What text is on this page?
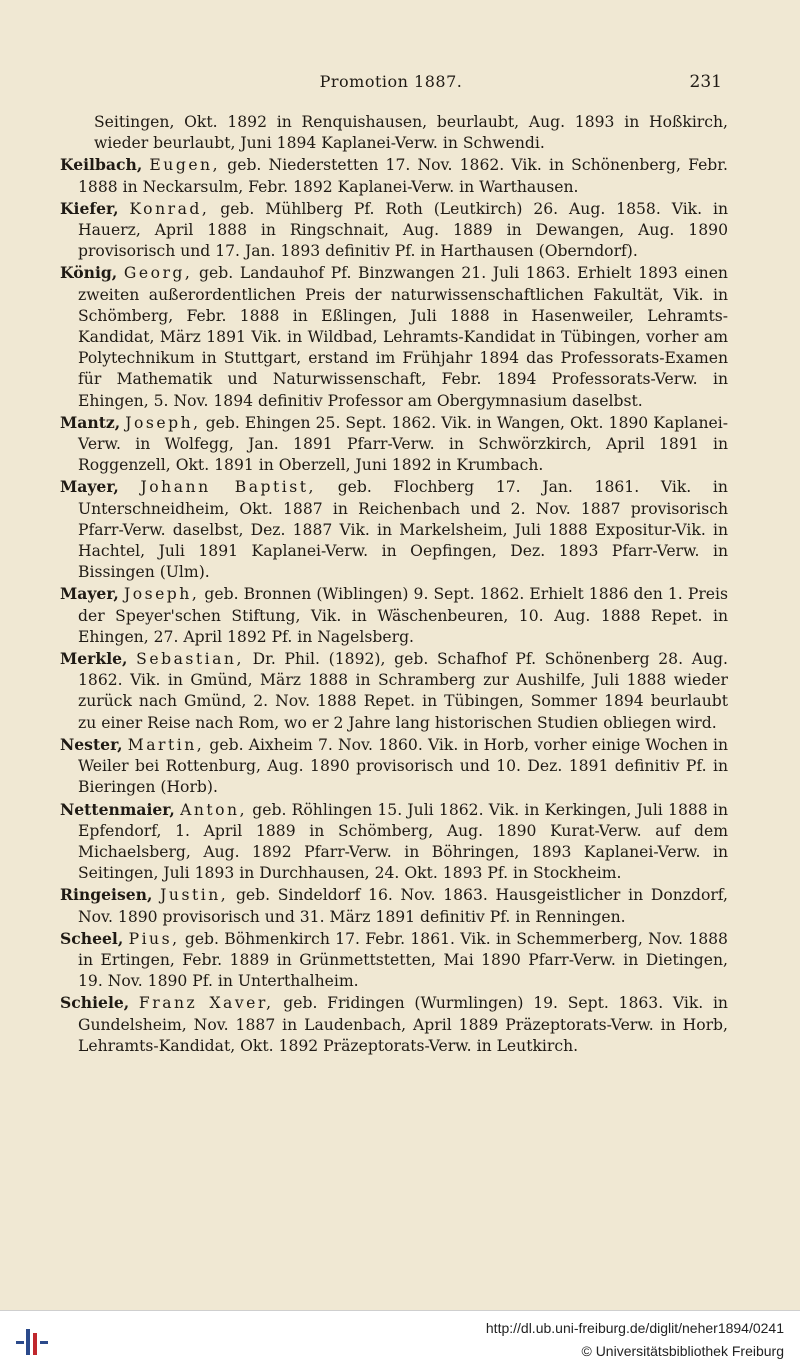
Promotion 1887.	231

Seitingen, Okt. 1892 in Renquishausen, beurlaubt, Aug. 1893 in Hoßkirch, wieder beurlaubt, Juni 1894 Kaplanei-Verw. in Schwendi.

Keilbach, Eugen, geb. Niederstetten 17. Nov. 1862. Vik. in Schönenberg, Febr. 1888 in Neckarsulm, Febr. 1892 Kaplanei-Verw. in Warthausen.

Kiefer, Konrad, geb. Mühlberg Pf. Roth (Leutkirch) 26. Aug. 1858. Vik. in Hauerz, April 1888 in Ringschnait, Aug. 1889 in Dewangen, Aug. 1890 provisorisch und 17. Jan. 1893 definitiv Pf. in Harthausen (Oberndorf).

König, Georg, geb. Landauhof Pf. Binzwangen 21. Juli 1863. Erhielt 1893 einen zweiten außerordentlichen Preis der naturwissenschaftlichen Fakultät, Vik. in Schömberg, Febr. 1888 in Eßlingen, Juli 1888 in Hasenweiler, Lehramts-Kandidat, März 1891 Vik. in Wildbad, Lehramts-Kandidat in Tübingen, vorher am Polytechnikum in Stuttgart, erstand im Frühjahr 1894 das Professorats-Examen für Mathematik und Naturwissenschaft, Febr. 1894 Professorats-Verw. in Ehingen, 5. Nov. 1894 definitiv Professor am Obergymnasium daselbst.

Mantz, Joseph, geb. Ehingen 25. Sept. 1862. Vik. in Wangen, Okt. 1890 Kaplanei-Verw. in Wolfegg, Jan. 1891 Pfarr-Verw. in Schwörzkirch, April 1891 in Roggenzell, Okt. 1891 in Oberzell, Juni 1892 in Krumbach.

Mayer, Johann Baptist, geb. Flochberg 17. Jan. 1861. Vik. in Unterschneidheim, Okt. 1887 in Reichenbach und 2. Nov. 1887 provisorisch Pfarr-Verw. daselbst, Dez. 1887 Vik. in Markelsheim, Juli 1888 Expositur-Vik. in Hachtel, Juli 1891 Kaplanei-Verw. in Oepfingen, Dez. 1893 Pfarr-Verw. in Bissingen (Ulm).

Mayer, Joseph, geb. Bronnen (Wiblingen) 9. Sept. 1862. Erhielt 1886 den 1. Preis der Speyer'schen Stiftung, Vik. in Wäschenbeuren, 10. Aug. 1888 Repet. in Ehingen, 27. April 1892 Pf. in Nagelsberg.

Merkle, Sebastian, Dr. Phil. (1892), geb. Schafhof Pf. Schönenberg 28. Aug. 1862. Vik. in Gmünd, März 1888 in Schramberg zur Aushilfe, Juli 1888 wieder zurück nach Gmünd, 2. Nov. 1888 Repet. in Tübingen, Sommer 1894 beurlaubt zu einer Reise nach Rom, wo er 2 Jahre lang historischen Studien obliegen wird.

Nester, Martin, geb. Aixheim 7. Nov. 1860. Vik. in Horb, vorher einige Wochen in Weiler bei Rottenburg, Aug. 1890 provisorisch und 10. Dez. 1891 definitiv Pf. in Bieringen (Horb).

Nettenmaier, Anton, geb. Röhlingen 15. Juli 1862. Vik. in Kerkingen, Juli 1888 in Epfendorf, 1. April 1889 in Schömberg, Aug. 1890 Kurat-Verw. auf dem Michaelsberg, Aug. 1892 Pfarr-Verw. in Böhringen, 1893 Kaplanei-Verw. in Seitingen, Juli 1893 in Durchhausen, 24. Okt. 1893 Pf. in Stockheim.

Ringeisen, Justin, geb. Sindeldorf 16. Nov. 1863. Hausgeistlicher in Donzdorf, Nov. 1890 provisorisch und 31. März 1891 definitiv Pf. in Renningen.

Scheel, Pius, geb. Böhmenkirch 17. Febr. 1861. Vik. in Schemmerberg, Nov. 1888 in Ertingen, Febr. 1889 in Grünmettstetten, Mai 1890 Pfarr-Verw. in Dietingen, 19. Nov. 1890 Pf. in Unterthalheim.

Schiele, Franz Xaver, geb. Fridingen (Wurmlingen) 19. Sept. 1863. Vik. in Gundelsheim, Nov. 1887 in Laudenbach, April 1889 Präzeptorats-Verw. in Horb, Lehramts-Kandidat, Okt. 1892 Präzeptorats-Verw. in Leutkirch.

http://dl.ub.uni-freiburg.de/diglit/neher1894/0241
© Universitätsbibliothek Freiburg
